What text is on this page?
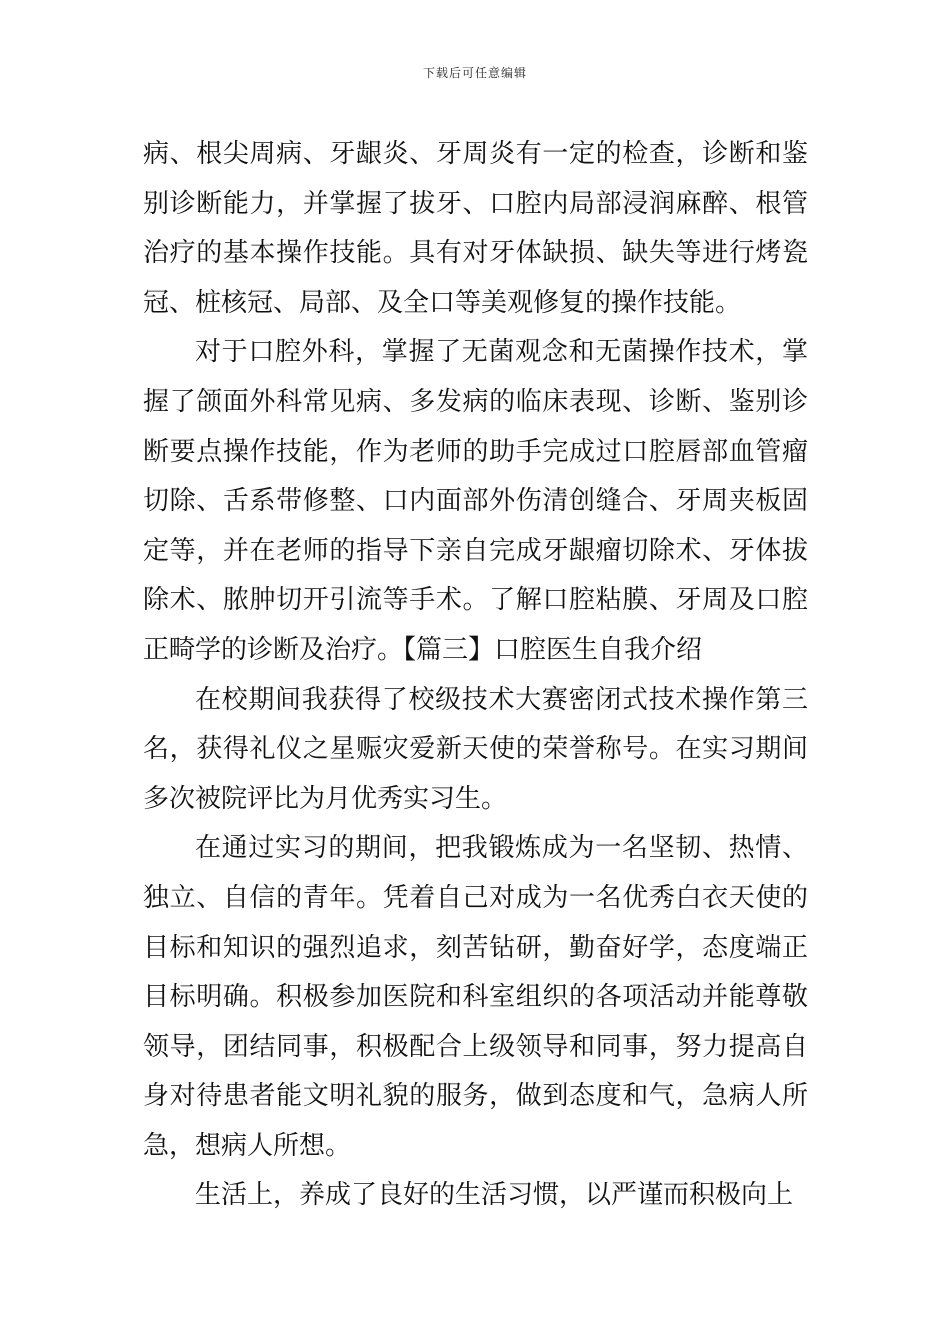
下载后可任意编辑

病、根尖周病、牙龈炎、牙周炎有一定的检查，诊断和鉴别诊断能力，并掌握了拔牙、口腔内局部浸润麻醉、根管治疗的基本操作技能。具有对牙体缺损、缺失等进行烤瓷冠、桩核冠、局部、及全口等美观修复的操作技能。

对于口腔外科，掌握了无菌观念和无菌操作技术，掌握了颌面外科常见病、多发病的临床表现、诊断、鉴别诊断要点操作技能，作为老师的助手完成过口腔唇部血管瘤切除、舌系带修整、口内面部外伤清创缝合、牙周夹板固定等，并在老师的指导下亲自完成牙龈瘤切除术、牙体拔除术、脓肿切开引流等手术。了解口腔粘膜、牙周及口腔正畸学的诊断及治疗。【篇三】口腔医生自我介绍

在校期间我获得了校级技术大赛密闭式技术操作第三名，获得礼仪之星赈灾爱新天使的荣誉称号。在实习期间多次被院评比为月优秀实习生。

在通过实习的期间，把我锻炼成为一名坚韧、热情、独立、自信的青年。凭着自己对成为一名优秀白衣天使的目标和知识的强烈追求，刻苦钻研，勤奋好学，态度端正目标明确。积极参加医院和科室组织的各项活动并能尊敬领导，团结同事，积极配合上级领导和同事，努力提高自身对待患者能文明礼貌的服务，做到态度和气，急病人所急，想病人所想。

生活上，养成了良好的生活习惯，以严谨而积极向上
